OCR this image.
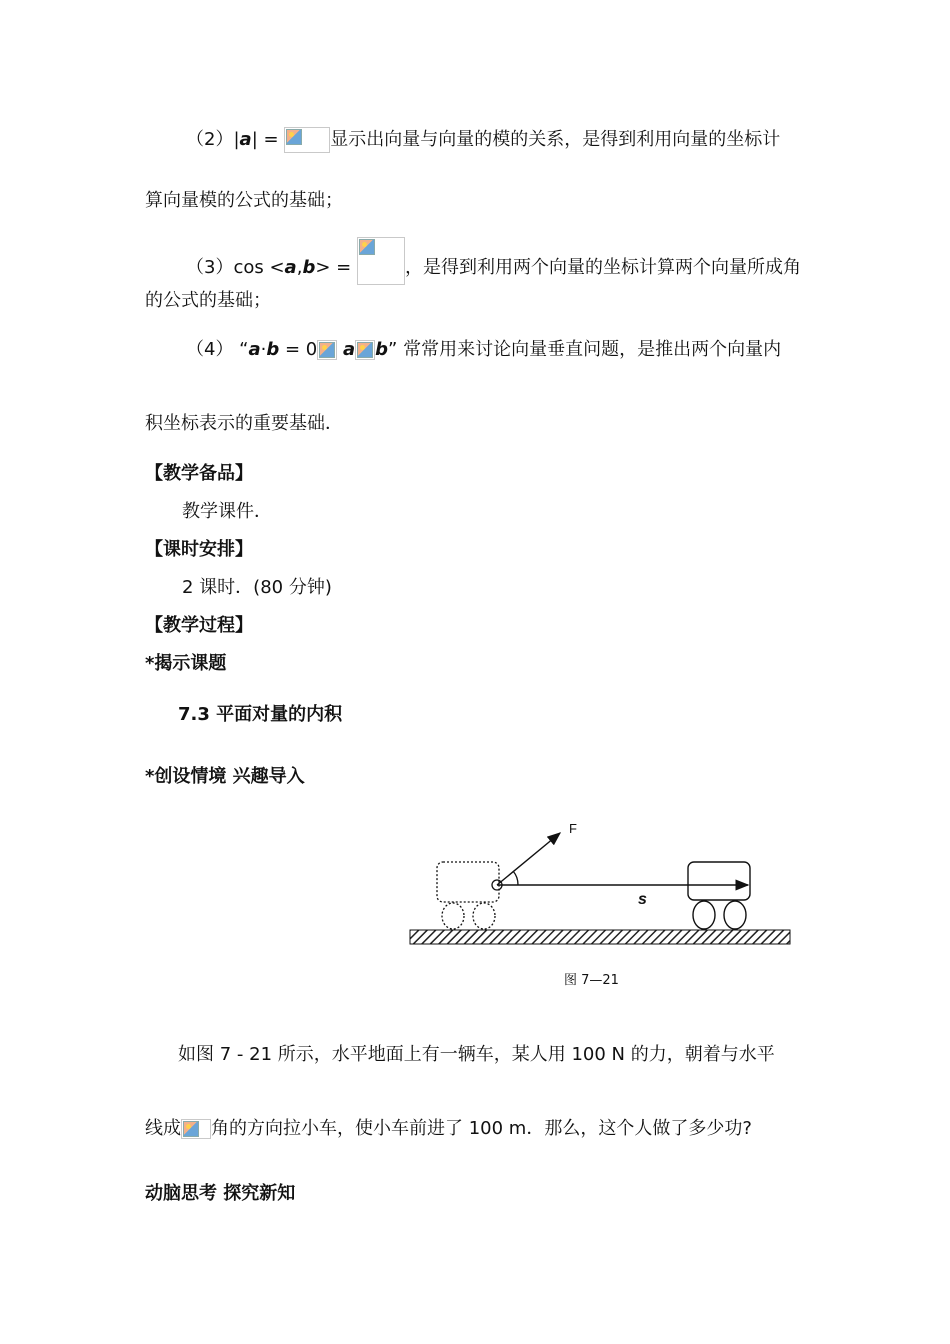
（2）|a| =	显示出向量与向量的模的关系，是得到利用向量的坐标计
算向量模的公式的基础；
（3）cos <a,b> =	，是得到利用两个向量的坐标计算两个向量所成角
的公式的基础；
（4） “a·b = 0 a b” 常常用来讨论向量垂直问题，是推出两个向量内
积坐标表示的重要基础．
【教学备品】
教学课件．
【课时安排】
2 课时．(80 分钟)
【教学过程】
*揭示课题
7.3 平面对量的内积
*创设情境 兴趣导入
F
s
图 7—21
如图 7 - 21 所示，水平地面上有一辆车，某人用 100 N 的力，朝着与水平
线成 角的方向拉小车，使小车前进了 100 m．那么，这个人做了多少功?
动脑思考 探究新知
